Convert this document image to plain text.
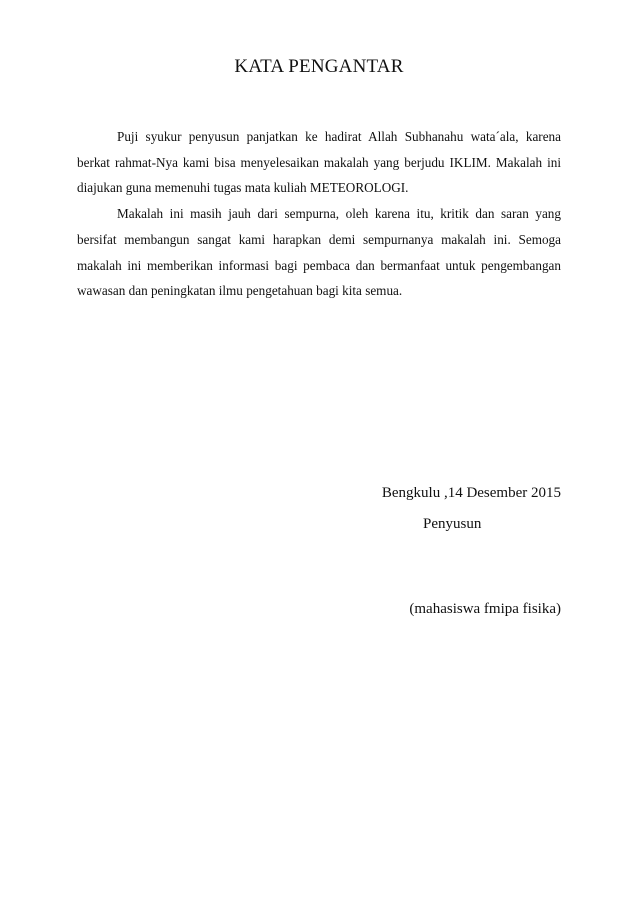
KATA PENGANTAR

Puji syukur penyusun panjatkan ke hadirat Allah Subhanahu wata´ala, karena berkat rahmat-Nya kami bisa menyelesaikan makalah yang berjudu IKLIM. Makalah ini diajukan guna memenuhi tugas mata kuliah METEOROLOGI.

Makalah ini masih jauh dari sempurna, oleh karena itu, kritik dan saran yang bersifat membangun sangat kami harapkan demi sempurnanya makalah ini. Semoga makalah ini memberikan informasi bagi pembaca dan bermanfaat untuk pengembangan wawasan dan peningkatan ilmu pengetahuan bagi kita semua.

Bengkulu ,14 Desember 2015
Penyusun
(mahasiswa fmipa fisika)
